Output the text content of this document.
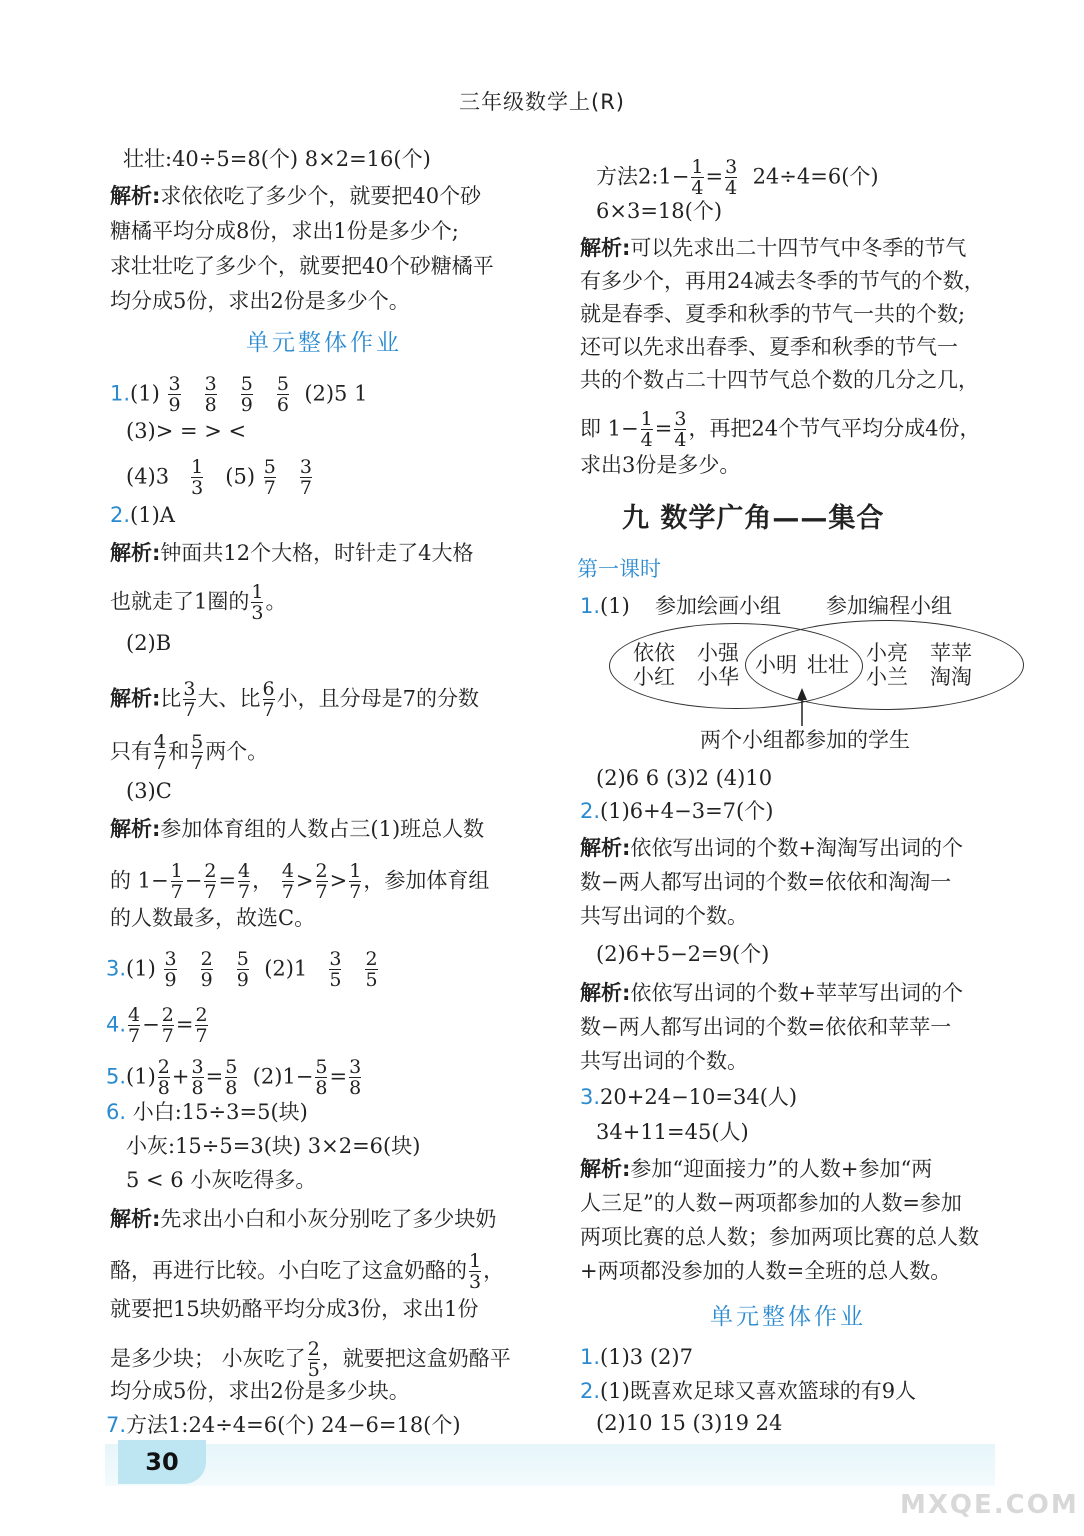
三年级数学上(R)
壮壮:40÷5=8(个) 8×2=16(个)
解析:求依依吃了多少个，就要把40个砂
糖橘平均分成8份，求出1份是多少个;
求壮壮吃了多少个，就要把40个砂糖橘平
均分成5份，求出2份是多少个。
单元整体作业
$1.(1) \frac{3}{9}$
$\frac{3}{8}$
$\frac{5}{9}$
$\frac{5}{6} (2)5$ 1
(3)> = > <
$(4)3 \frac{1}{3} (5) \frac{5}{7}$
$\frac{3}{7}$
2.(1)A
解析:钟面共12个大格，时针走了4大格
也就走了1圈的 $\frac{1}{3}$ 。
(2)B
解析:比 $\frac{3}{7}$ 大、比 $\frac{6}{7}$ 小，且分母是7的分数
只有 $\frac{4}{7}$ 和 $\frac{5}{7}$ 两个。
(3)C
解析:参加体育组的人数占三(1)班总人数
的 $1- \frac{1}{7} - \frac{2}{7} = \frac{4}{7}$ ， $\frac{4}{7} > \frac{2}{7} > \frac{1}{7}$ ，参加体育组
的人数最多，故选C。
$3.(1) \frac{3}{9}$
$\frac{2}{9}$
$\frac{5}{9} (2)1 \frac{3}{5}$
$\frac{2}{5}$
4. $\frac{4}{7} - \frac{2}{7} = \frac{2}{7}$
$5.(1) \frac{2}{8} + \frac{3}{8} = \frac{5}{8} (2)1- \frac{5}{8} = \frac{3}{8}$
6. 小白:15÷3=5(块)
小灰:15÷5=3(块) 3×2=6(块)
5 < 6 小灰吃得多。
解析:先求出小白和小灰分别吃了多少块奶
酪，再进行比较。小白吃了这盒奶酪的 $\frac{1}{3}$ ，
就要把15块奶酪平均分成3份，求出1份
是多少块； 小灰吃了 $\frac{2}{5}$ ，就要把这盒奶酪平
均分成5份，求出2份是多少块。
7.方法1:24÷4=6(个) 24−6=18(个)
方法2:1− $\frac{1}{4} = \frac{3}{4} 24\div 4=6$(个)
6×3=18(个)
解析:可以先求出二十四节气中冬季的节气
有多少个，再用24减去冬季的节气的个数，
就是春季、夏季和秋季的节气一共的个数;
还可以先求出春季、夏季和秋季的节气一
共的个数占二十四节气总个数的几分之几，
即 $1- \frac{1}{4} = \frac{3}{4}$ ，再把24个节气平均分成4份，
求出3份是多少。
九 数学广角——集合
第一课时
1.(1) 参加绘画小组 参加编程小组
依依
小红
小强
小华 小明 壮壮 小亮
小兰
苹苹
淘淘
两个小组都参加的学生
(2)6 6 (3)2 (4)10
2.(1)6+4−3=7(个)
解析:依依写出词的个数+淘淘写出词的个
数−两人都写出词的个数=依依和淘淘一
共写出词的个数。
(2)6+5−2=9(个)
解析:依依写出词的个数+苹苹写出词的个
数−两人都写出词的个数=依依和苹苹一
共写出词的个数。
3.20+24−10=34(人)
34+11=45(人)
解析:参加“迎面接力”的人数+参加“两
人三足”的人数−两项都参加的人数=参加
两项比赛的总人数；参加两项比赛的总人数
+两项都没参加的人数=全班的总人数。
单元整体作业
1.(1)3 (2)7
2.(1)既喜欢足球又喜欢篮球的有9人
(2)10 15 (3)19 24
30
MXQE.COM
